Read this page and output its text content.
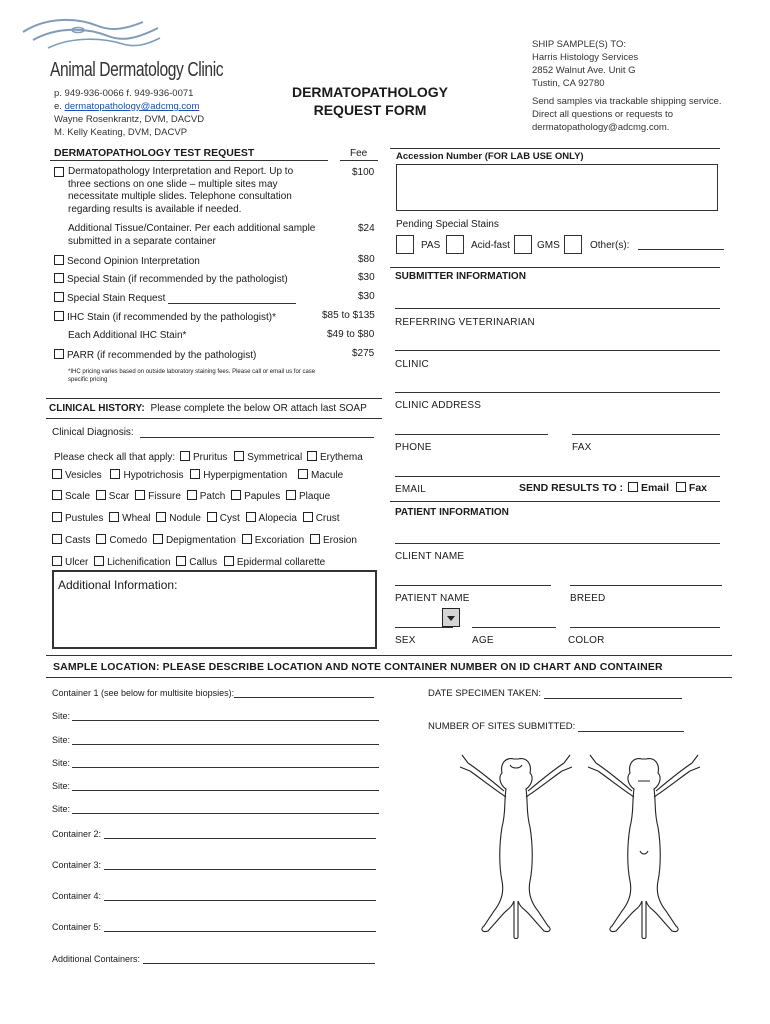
Animal Dermatology Clinic
p. 949-936-0066 f. 949-936-0071
e. dermatopathology@adcmg.com
Wayne Rosenkrantz, DVM, DACVD
M. Kelly Keating, DVM, DACVP
DERMATOPATHOLOGY
REQUEST FORM
SHIP SAMPLE(S) TO:
Harris Histology Services
2852 Walnut Ave. Unit G
Tustin, CA 92780
Send samples via trackable shipping service. Direct all questions or requests to dermatopathology@adcmg.com.
DERMATOPATHOLOGY TEST REQUEST	Fee
Dermatopathology Interpretation and Report. Up to three sections on one slide – multiple sites may necessitate multiple slides. Telephone consultation regarding results is available if needed.
$100
Additional Tissue/Container. Per each additional sample submitted in a separate container
$24
Second Opinion Interpretation	$80
Special Stain (if recommended by the pathologist)	$30
Special Stain Request	$30
IHC Stain (if recommended by the pathologist)*	$85 to $135
Each Additional IHC Stain*	$49 to $80
PARR (if recommended by the pathologist)	$275
*IHC pricing varies based on outside laboratory staining fees. Please call or email us for case specific pricing
Accession Number (FOR LAB USE ONLY)
Pending Special Stains
PAS	Acid-fast	GMS	Other(s):
SUBMITTER INFORMATION
REFERRING VETERINARIAN
CLINIC
CLINIC ADDRESS
PHONE	FAX
EMAIL	SEND RESULTS TO : Email Fax
PATIENT INFORMATION
CLIENT NAME
PATIENT NAME	BREED
SEX	AGE	COLOR
CLINICAL HISTORY: Please complete the below OR attach last SOAP
Clinical Diagnosis:
Please check all that apply: Pruritus Symmetrical Erythema
Vesicles Hypotrichosis Hyperpigmentation Macule
Scale Scar Fissure Patch Papules Plaque
Pustules Wheal Nodule Cyst Alopecia Crust
Casts Comedo Depigmentation Excoriation Erosion
Ulcer Lichenification Callus Epidermal collarette
Additional Information:
SAMPLE LOCATION: PLEASE DESCRIBE LOCATION AND NOTE CONTAINER NUMBER ON ID CHART AND CONTAINER
Container 1 (see below for multisite biopsies):
Site:
Site:
Site:
Site:
Site:
Container 2:
Container 3:
Container 4:
Container 5:
Additional Containers:
DATE SPECIMEN TAKEN:
NUMBER OF SITES SUBMITTED:
